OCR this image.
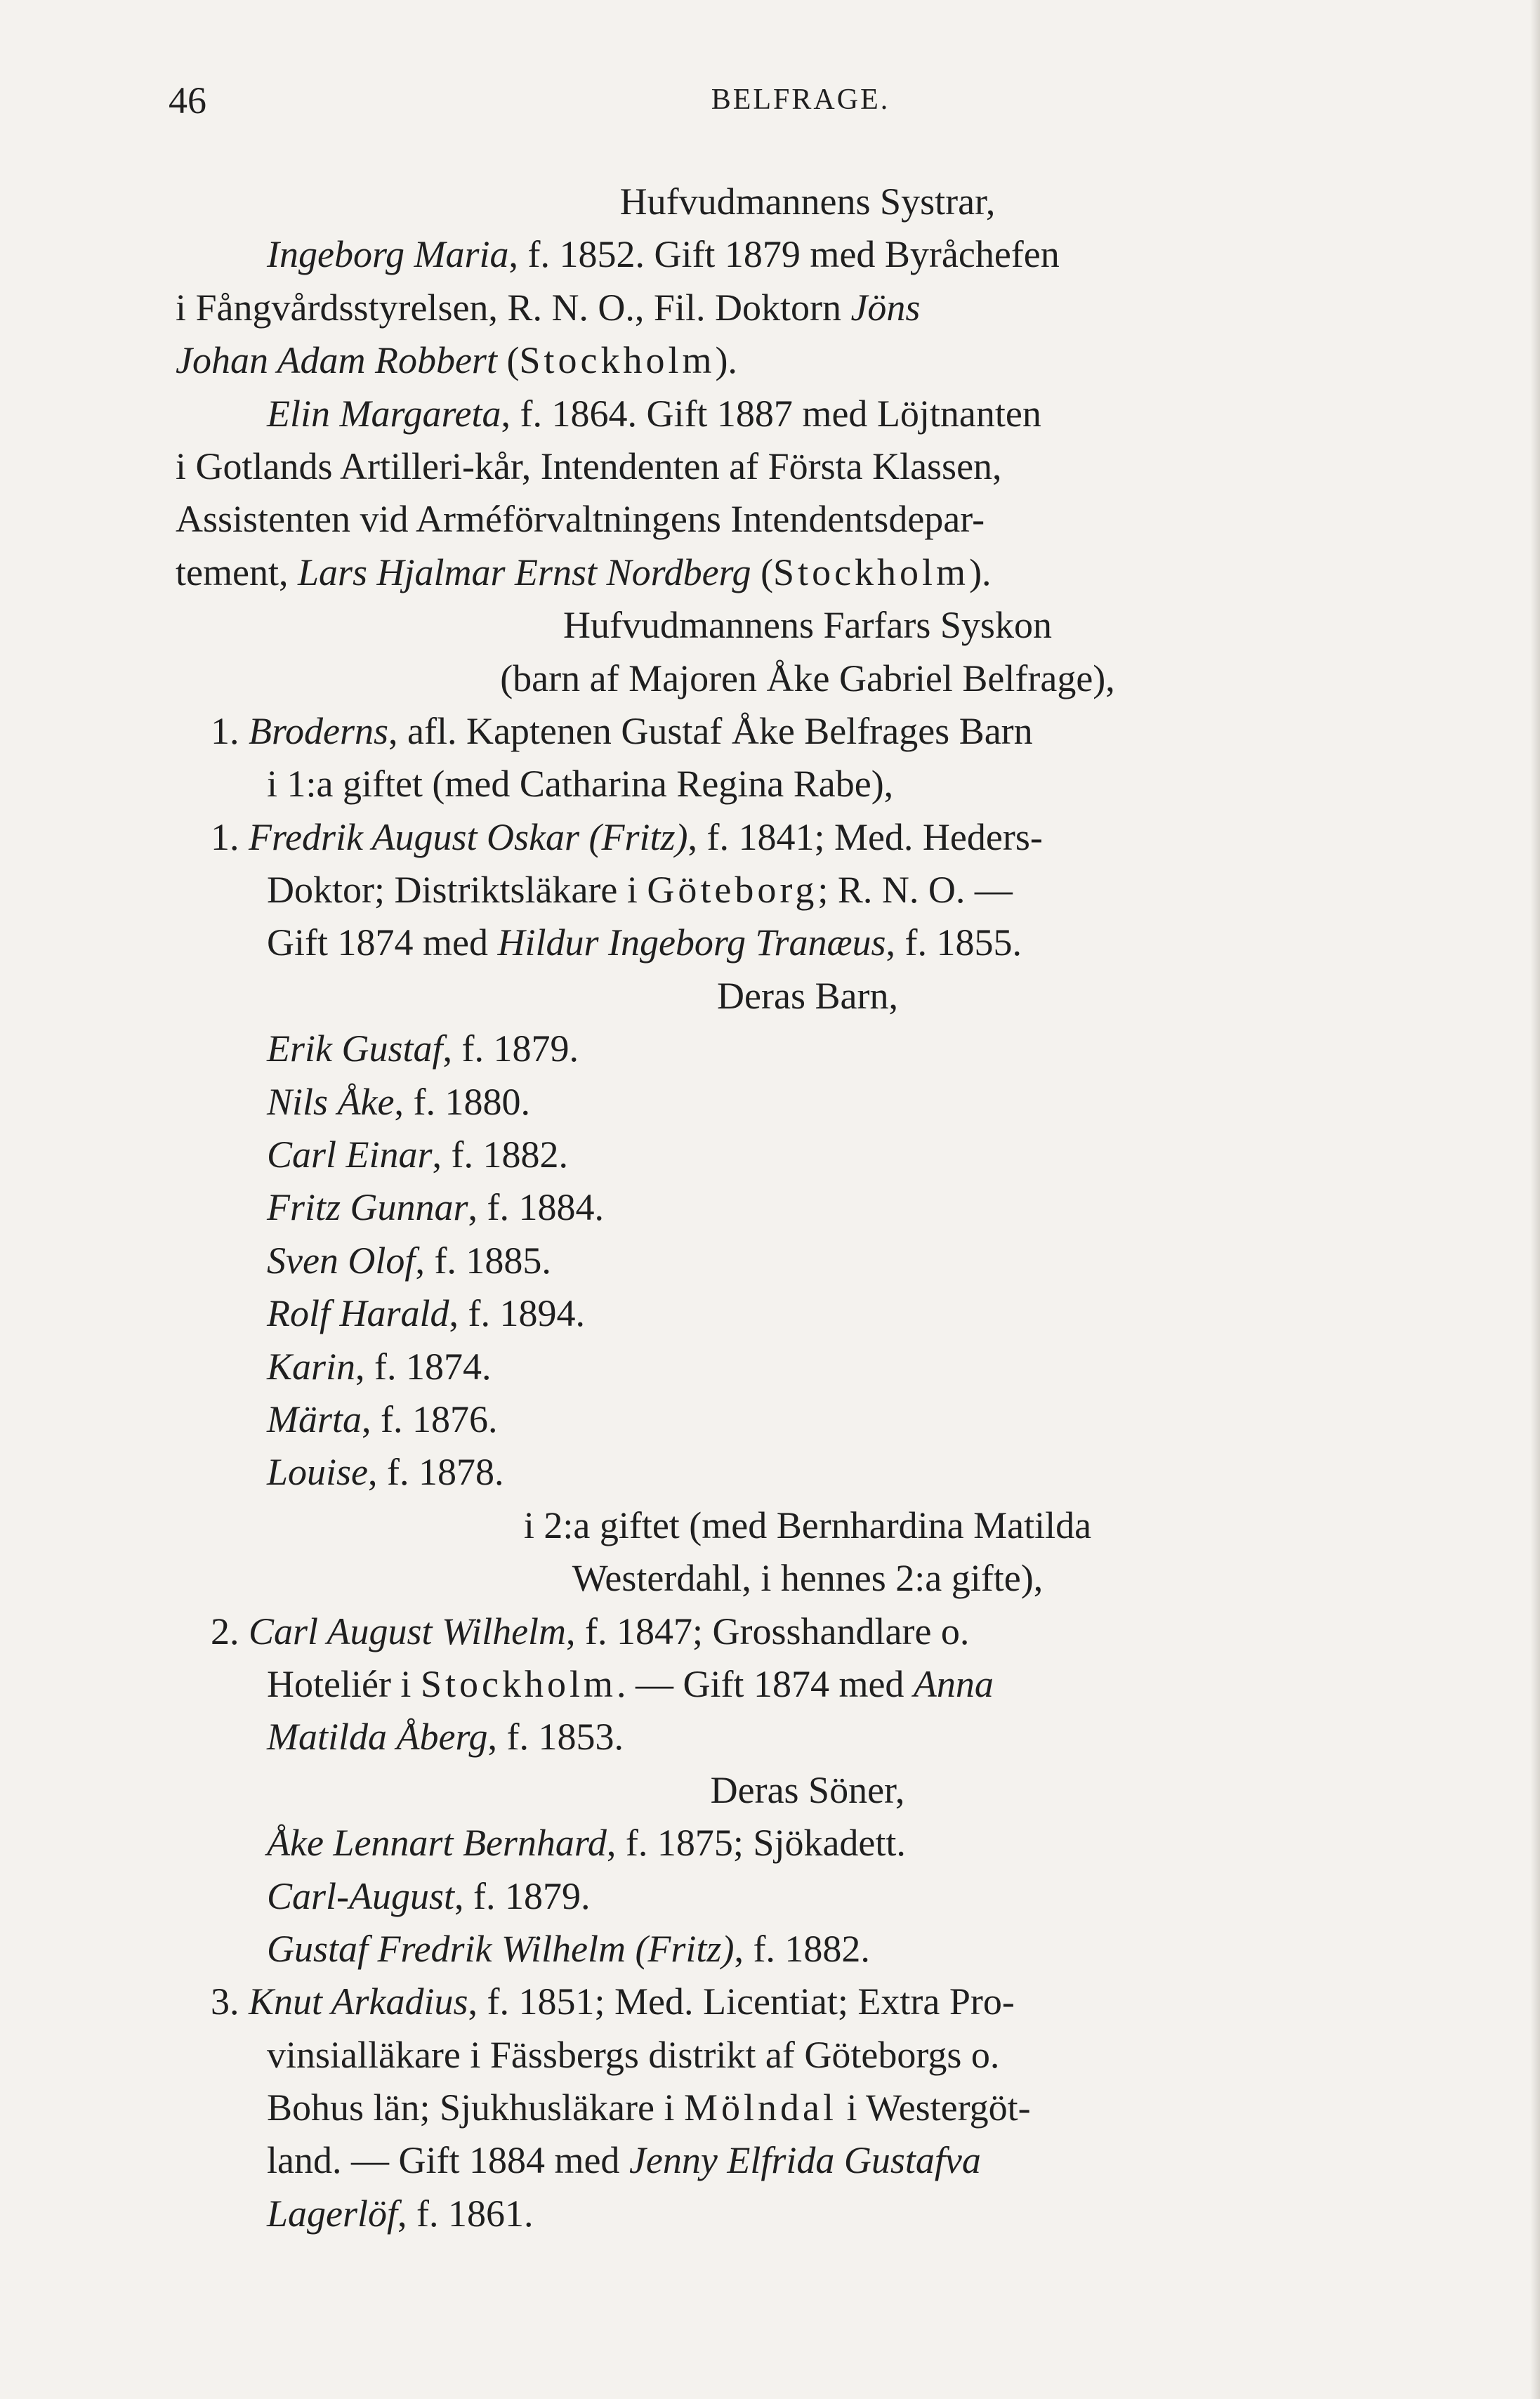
46	BELFRAGE.
Hufvudmannens Systrar,
Ingeborg Maria, f. 1852. Gift 1879 med Byråchefen
i Fångvårdsstyrelsen, R. N. O., Fil. Doktorn Jöns
Johan Adam Robbert (Stockholm).
Elin Margareta, f. 1864. Gift 1887 med Löjtnanten
i Gotlands Artilleri-kår, Intendenten af Första Klassen,
Assistenten vid Arméförvaltningens Intendentsdepar-
tement, Lars Hjalmar Ernst Nordberg (Stockholm).
Hufvudmannens Farfars Syskon
(barn af Majoren Åke Gabriel Belfrage),
1. Broderns, afl. Kaptenen Gustaf Åke Belfrages Barn
i 1:a giftet (med Catharina Regina Rabe),
1. Fredrik August Oskar (Fritz), f. 1841; Med. Heders-
Doktor; Distriktsläkare i Göteborg; R. N. O. —
Gift 1874 med Hildur Ingeborg Tranæus, f. 1855.
Deras Barn,
Erik Gustaf, f. 1879.
Nils Åke, f. 1880.
Carl Einar, f. 1882.
Fritz Gunnar, f. 1884.
Sven Olof, f. 1885.
Rolf Harald, f. 1894.
Karin, f. 1874.
Märta, f. 1876.
Louise, f. 1878.
i 2:a giftet (med Bernhardina Matilda
Westerdahl, i hennes 2:a gifte),
2. Carl August Wilhelm, f. 1847; Grosshandlare o.
Hoteliér i Stockholm. — Gift 1874 med Anna
Matilda Åberg, f. 1853.
Deras Söner,
Åke Lennart Bernhard, f. 1875; Sjökadett.
Carl-August, f. 1879.
Gustaf Fredrik Wilhelm (Fritz), f. 1882.
3. Knut Arkadius, f. 1851; Med. Licentiat; Extra Pro-
vinsialläkare i Fässbergs distrikt af Göteborgs o.
Bohus län; Sjukhusläkare i Mölndal i Westergöt-
land. — Gift 1884 med Jenny Elfrida Gustafva
Lagerlöf, f. 1861.
